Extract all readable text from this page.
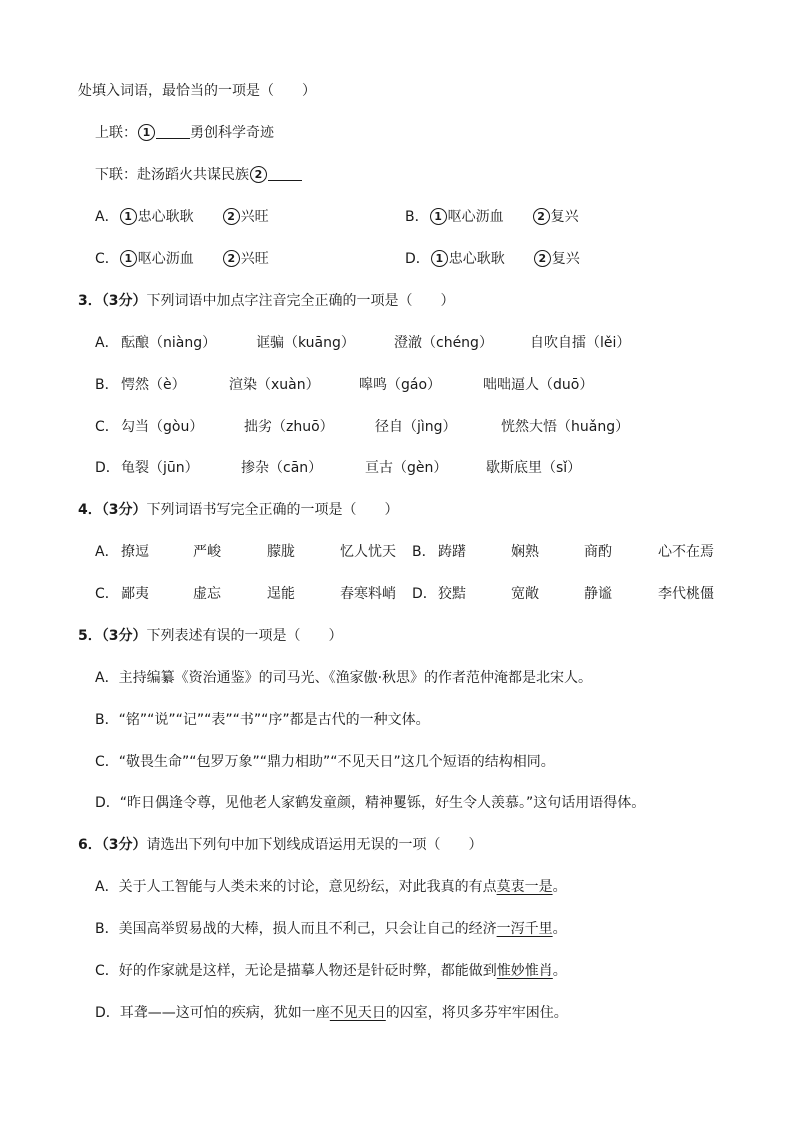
处填入词语，最恰当的一项是（　　）
上联： 1	勇创科学奇迹
下联：赴汤蹈火共谋民族 2
A． 1 忠心耿耿	2 兴旺	B． 1 呕心沥血	2 复兴
C． 1 呕心沥血	2 兴旺	D． 1 忠心耿耿	2 复兴
3．（3分）下列词语中加点字注音完全正确的一项是（　　）
A． 酝酿（niàng）	诓骗（kuāng）	澄澈（chéng）	自吹自擂（lěi）
B． 愕然（è）	渲染（xuàn）	嗥鸣（gáo）	咄咄逼人（duō）
C． 勾当（gòu）	拙劣（zhuō）	径自（jìng）	恍然大悟（huǎng）
D． 龟裂（jūn）	掺杂（cān）	亘古（gèn）	歇斯底里（sǐ）
4．（3分）下列词语书写完全正确的一项是（　　）
A． 撩逗	严峻	朦胧	忆人忧天 B． 踌躇	娴熟	商酌	心不在焉
C． 鄙夷	虚忘	逞能	春寒料峭 D． 狡黠	宽敞	静谧	李代桃僵
5．（3分）下列表述有误的一项是（　　）
A．主持编纂《资治通鉴》的司马光、《渔家傲·秋思》的作者范仲淹都是北宋人。
B．“铭”“说”“记”“表”“书”“序”都是古代的一种文体。
C．“敬畏生命”“包罗万象”“鼎力相助”“不见天日”这几个短语的结构相同。
D．“昨日偶逢令尊，见他老人家鹤发童颜，精神矍铄，好生令人羡慕。”这句话用语得体。
6．（3分）请选出下列句中加下划线成语运用无误的一项（　　）
A．关于人工智能与人类未来的讨论，意见纷纭，对此我真的有点莫衷一是。
B．美国高举贸易战的大棒，损人而且不利己，只会让自己的经济一泻千里。
C．好的作家就是这样，无论是描摹人物还是针砭时弊，都能做到惟妙惟肖。
D．耳聋——这可怕的疾病，犹如一座不见天日的囚室，将贝多芬牢牢困住。
